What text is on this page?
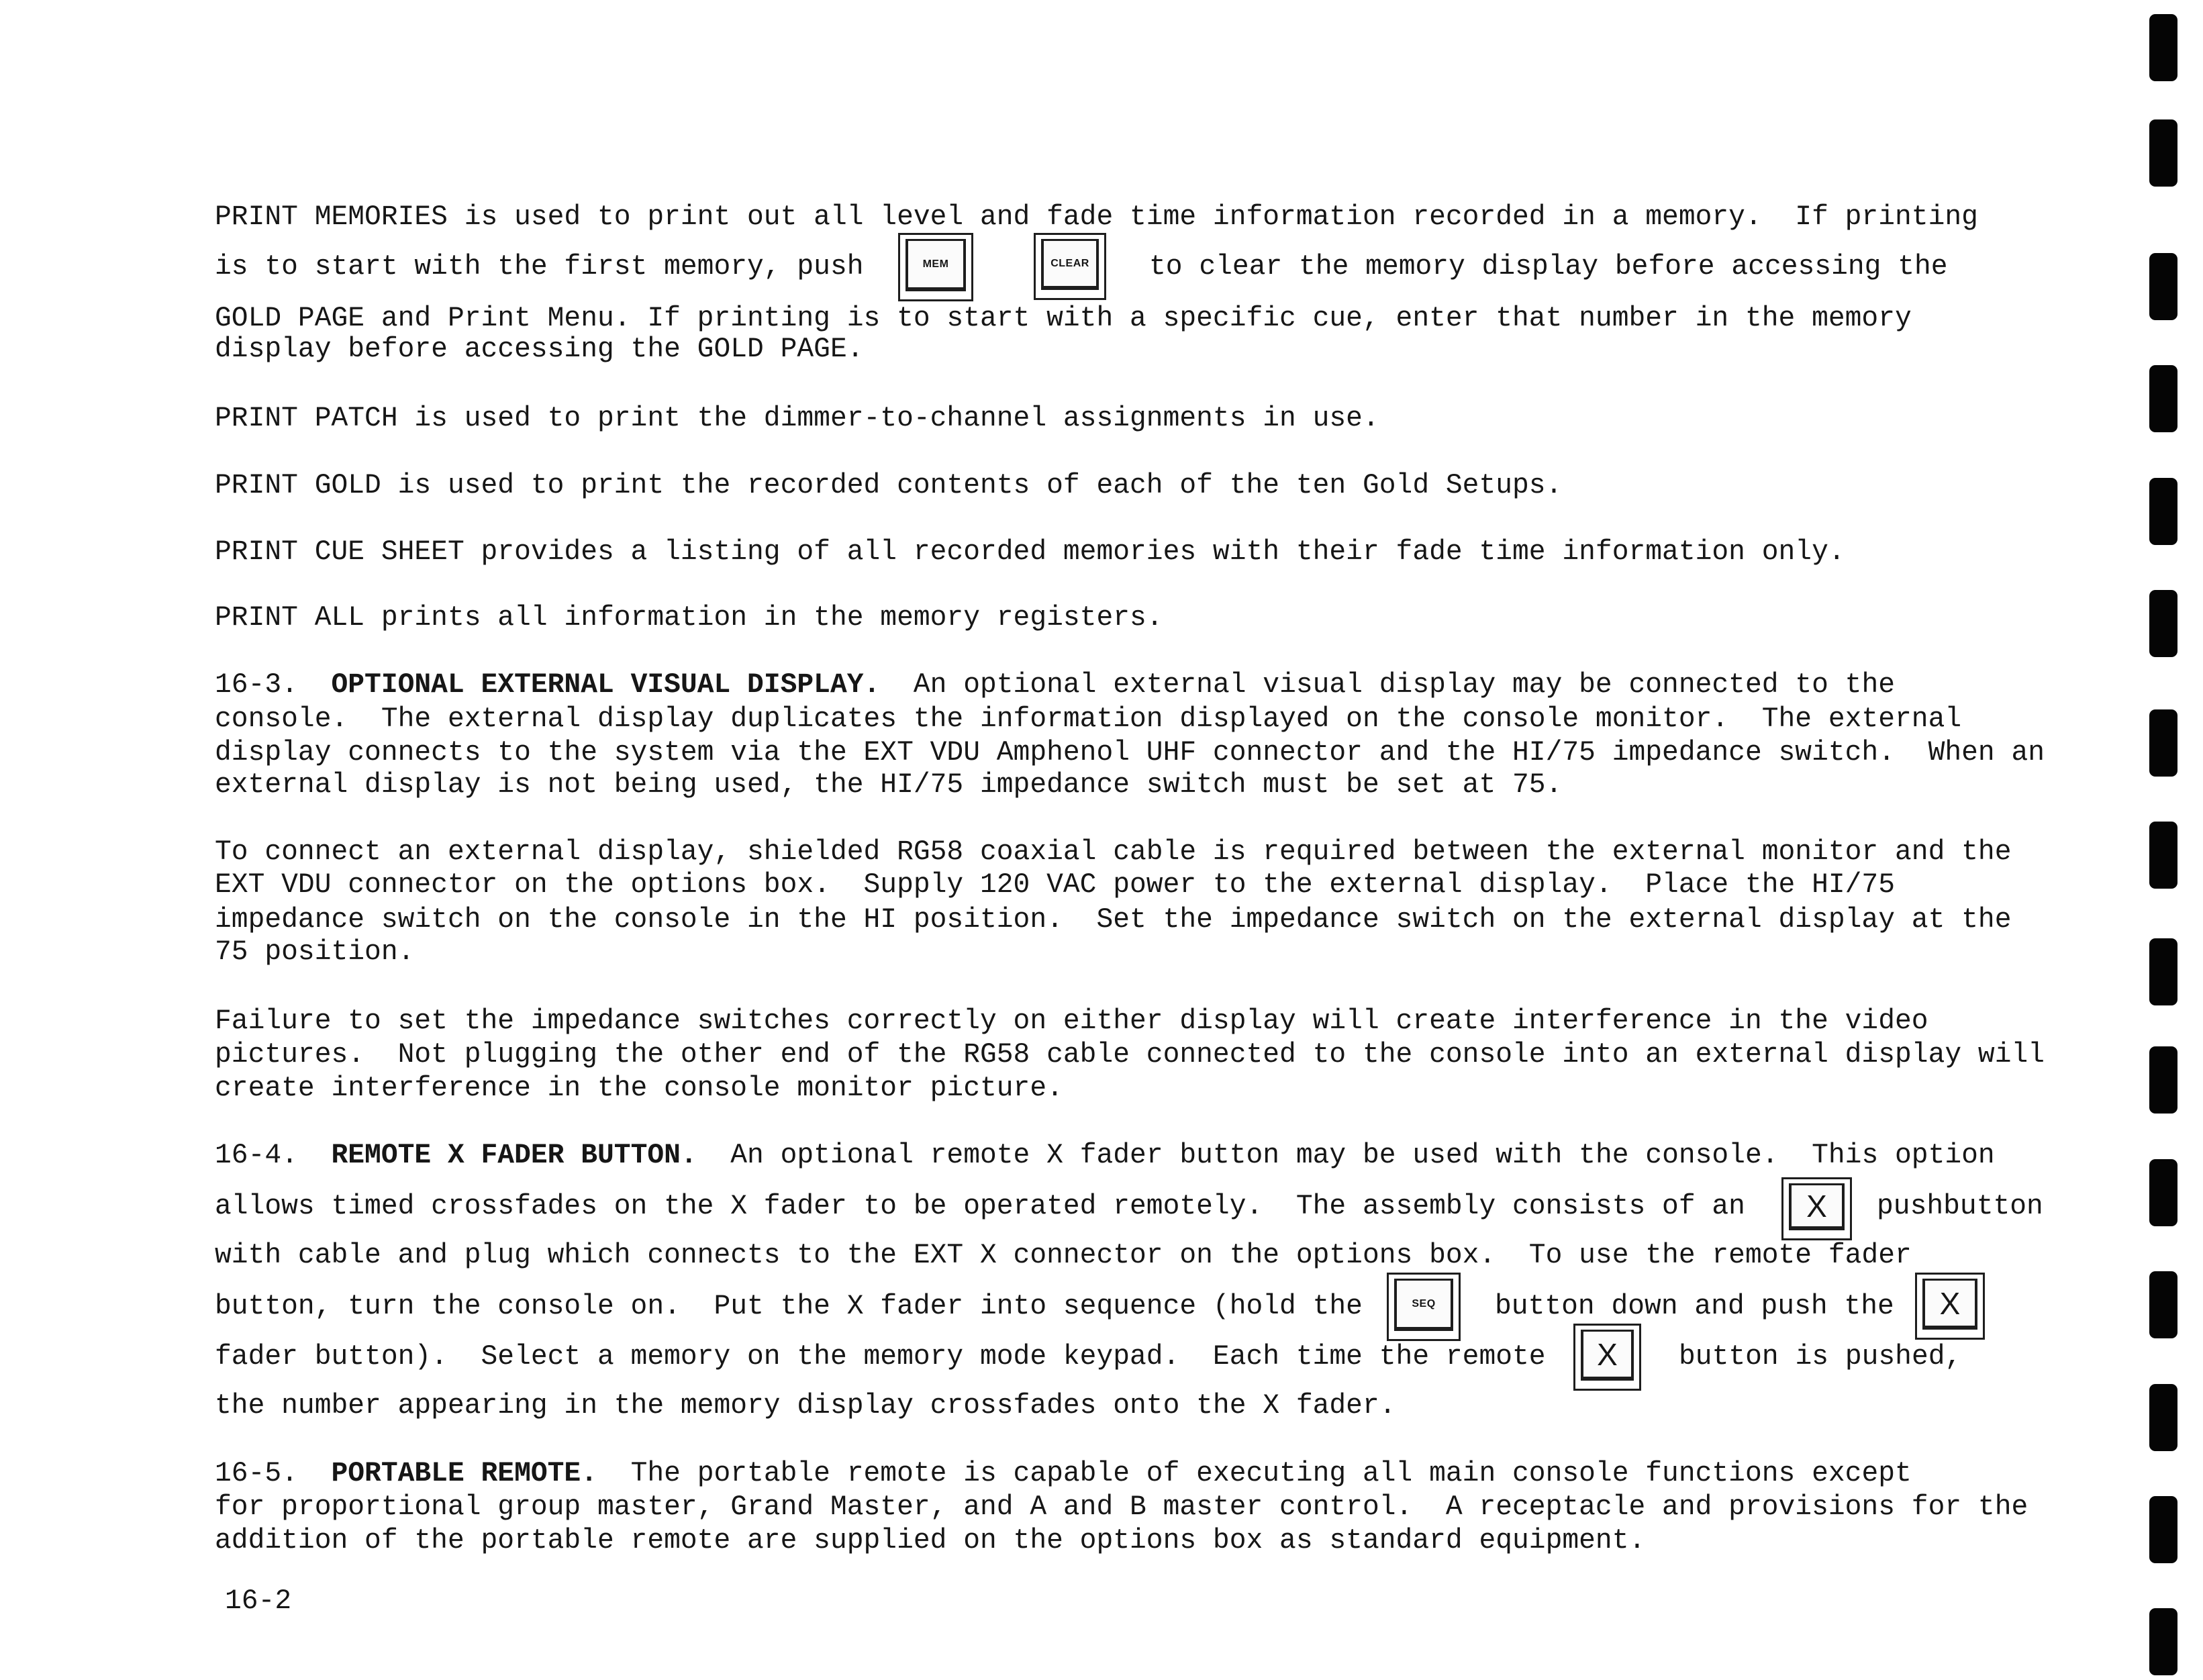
PRINT MEMORIES is used to print out all level and fade time information recorded in a memory.  If printing
is to start with the first memory, push	MEM	CLEAR to clear the memory display before accessing the
GOLD PAGE and Print Menu. If printing is to start with a specific cue, enter that number in the memory
display before accessing the GOLD PAGE.
PRINT PATCH is used to print the dimmer-to-channel assignments in use.
PRINT GOLD is used to print the recorded contents of each of the ten Gold Setups.
PRINT CUE SHEET provides a listing of all recorded memories with their fade time information only.
PRINT ALL prints all information in the memory registers.
16-3. OPTIONAL EXTERNAL VISUAL DISPLAY. An optional external visual display may be connected to the
console.  The external display duplicates the information displayed on the console monitor.  The external
display connects to the system via the EXT VDU Amphenol UHF connector and the HI/75 impedance switch.  When an
external display is not being used, the HI/75 impedance switch must be set at 75.
To connect an external display, shielded RG58 coaxial cable is required between the external monitor and the
EXT VDU connector on the options box.  Supply 120 VAC power to the external display.  Place the HI/75
impedance switch on the console in the HI position.  Set the impedance switch on the external display at the
75 position.
Failure to set the impedance switches correctly on either display will create interference in the video
pictures.  Not plugging the other end of the RG58 cable connected to the console into an external display will
create interference in the console monitor picture.
16-4. REMOTE X FADER BUTTON. An optional remote X fader button may be used with the console.  This option
allows timed crossfades on the X fader to be operated remotely.  The assembly consists of an X pushbutton
with cable and plug which connects to the EXT X connector on the options box.  To use the remote fader
button, turn the console on.  Put the X fader into sequence (hold the	SEQ button down and push the X
fader button).  Select a memory on the memory mode keypad.  Each time the remote X button is pushed,
the number appearing in the memory display crossfades onto the X fader.
16-5. PORTABLE REMOTE. The portable remote is capable of executing all main console functions except
for proportional group master, Grand Master, and A and B master control.  A receptacle and provisions for the
addition of the portable remote are supplied on the options box as standard equipment.
16-2
